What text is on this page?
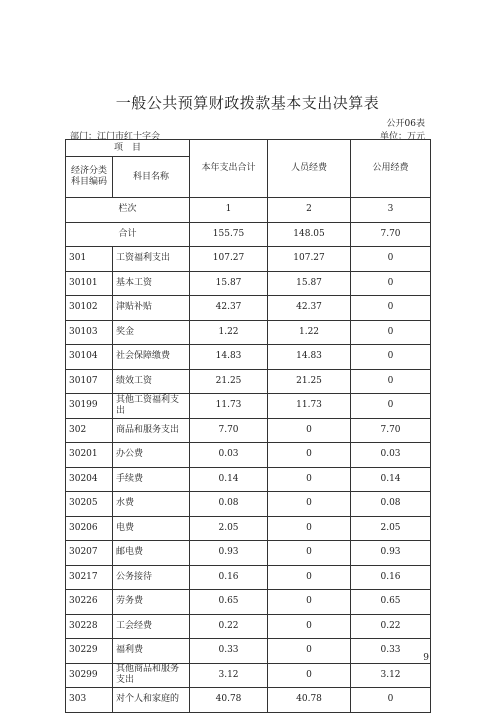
一般公共预算财政拨款基本支出决算表
公开06表
部门：江门市红十字会	单位：万元
项　目		本年支出合计	人员经费	公用经费
经济分类科目编码	科目名称			
栏次		1	2	3
合计		155.75	148.05	7.70
301	工资福利支出	107.27	107.27	0
30101	基本工资	15.87	15.87	0
30102	津贴补贴	42.37	42.37	0
30103	奖金	1.22	1.22	0
30104	社会保障缴费	14.83	14.83	0
30107	绩效工资	21.25	21.25	0
30199	其他工资福利支出	11.73	11.73	0
302	商品和服务支出	7.70	0	7.70
30201	办公费	0.03	0	0.03
30204	手续费	0.14	0	0.14
30205	水费	0.08	0	0.08
30206	电费	2.05	0	2.05
30207	邮电费	0.93	0	0.93
30217	公务接待	0.16	0	0.16
30226	劳务费	0.65	0	0.65
30228	工会经费	0.22	0	0.22
30229	福利费	0.33	0	0.33
30299	其他商品和服务支出	3.12	0	3.12
303	对个人和家庭的	40.78	40.78	0
9
